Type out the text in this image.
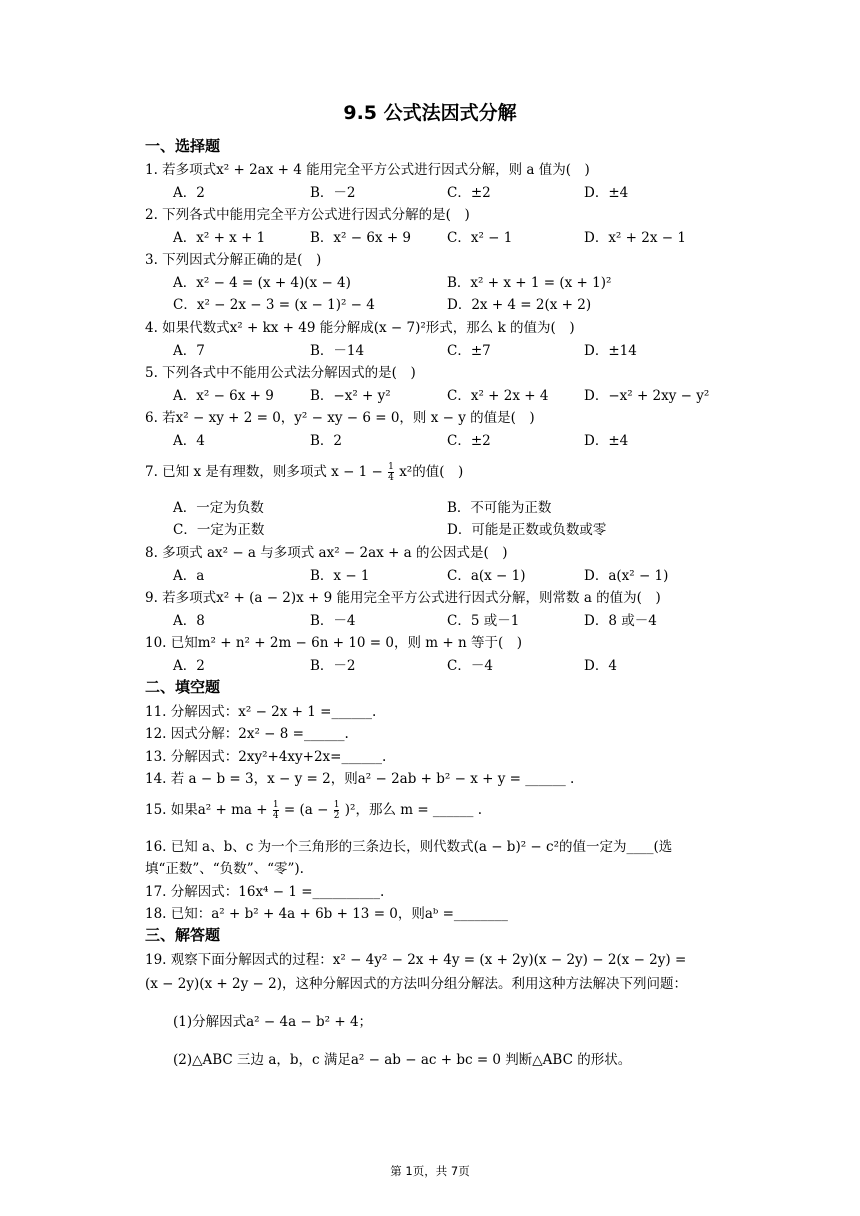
9.5 公式法因式分解
一、选择题
1. 若多项式x² + 2ax + 4 能用完全平方公式进行因式分解，则 a 值为(　)
A．2	B．－2	C．±2	D．±4
2. 下列各式中能用完全平方公式进行因式分解的是(　)
A．x² + x + 1	B．x² − 6x + 9	C．x² − 1	D．x² + 2x − 1
3. 下列因式分解正确的是(　)
A．x² − 4 = (x + 4)(x − 4)	B．x² + x + 1 = (x + 1)²
C．x² − 2x − 3 = (x − 1)² − 4	D．2x + 4 = 2(x + 2)
4. 如果代数式x² + kx + 49 能分解成(x − 7)²形式，那么 k 的值为(　)
A．7	B．－14	C．±7	D．±14
5. 下列各式中不能用公式法分解因式的是(　)
A．x² − 6x + 9	B．−x² + y²	C．x² + 2x + 4	D．−x² + 2xy − y²
6. 若x² − xy + 2 = 0，y² − xy − 6 = 0，则 x − y 的值是(　)
A．4	B．2	C．±2	D．±4
7. 已知 x 是有理数，则多项式 $x - 1 - \frac{1}{4} x^2$的值(　)
A．一定为负数	B．不可能为正数
C．一定为正数	D．可能是正数或负数或零
8. 多项式 ax² − a 与多项式 ax² − 2ax + a 的公因式是(　)
A．a	B．x − 1	C．a(x − 1)	D．a(x² − 1)
9. 若多项式x² + (a − 2)x + 9 能用完全平方公式进行因式分解，则常数 a 的值为(　)
A．8	B．－4	C．5 或－1	D．8 或－4
10. 已知m² + n² + 2m − 6n + 10 = 0，则 m + n 等于(　)
A．2	B．－2	C．－4	D．4
二、填空题
11. 分解因式：x² − 2x + 1 =______.
12. 因式分解：2x² − 8 =______.
13. 分解因式：2xy²+4xy+2x=______.
14. 若 a − b = 3，x − y = 2，则a² − 2ab + b² − x + y = ______ .
15. 如果a² + ma + $\frac{1}{4} = (a - \frac{1}{2} )^2$，那么 m = ______ .
16. 已知 a、b、c 为一个三角形的三条边长，则代数式(a − b)² − c²的值一定为____(选
填“正数”、“负数”、“零”).
17. 分解因式：16x⁴ − 1 =__________.
18. 已知：a² + b² + 4a + 6b + 13 = 0，则aᵇ =________
三、解答题
19. 观察下面分解因式的过程：x² − 4y² − 2x + 4y = (x + 2y)(x − 2y) − 2(x − 2y) =
(x − 2y)(x + 2y − 2)，这种分解因式的方法叫分组分解法。利用这种方法解决下列问题：
(1)分解因式a² − 4a − b² + 4；
(2)△ABC 三边 a，b，c 满足a² − ab − ac + bc = 0 判断△ABC 的形状。
第 1页，共 7页
